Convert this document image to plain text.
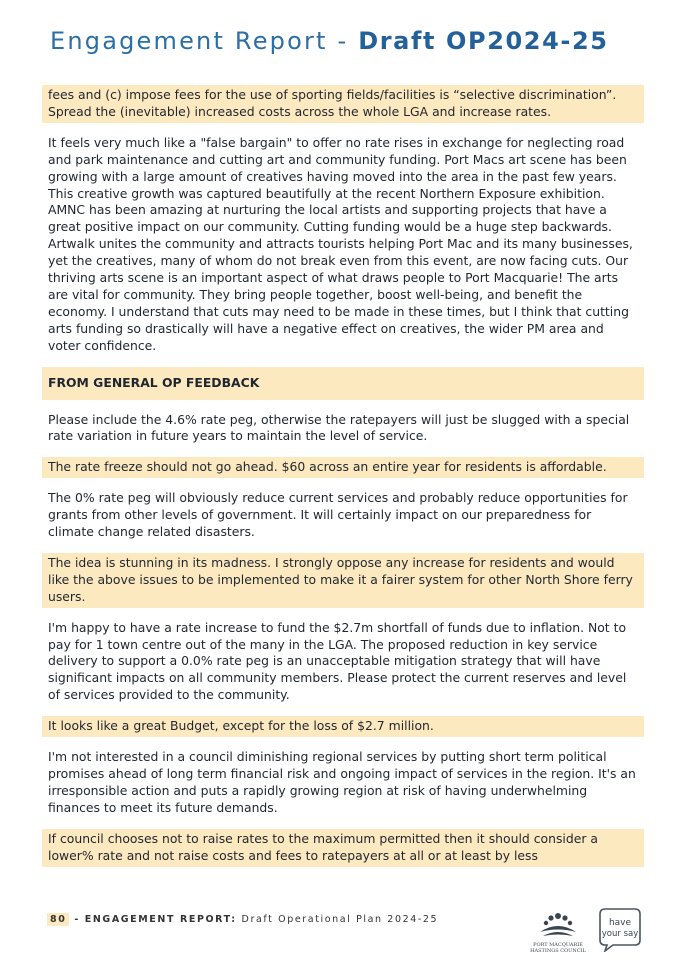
Engagement Report - Draft OP2024-25
fees and (c) impose fees for the use of sporting fields/facilities is “selective discrimination”. Spread the (inevitable) increased costs across the whole LGA and increase rates.
It feels very much like a "false bargain" to offer no rate rises in exchange for neglecting road and park maintenance and cutting art and community funding. Port Macs art scene has been growing with a large amount of creatives having moved into the area in the past few years. This creative growth was captured beautifully at the recent Northern Exposure exhibition. AMNC has been amazing at nurturing the local artists and supporting projects that have a great positive impact on our community. Cutting funding would be a huge step backwards. Artwalk unites the community and attracts tourists helping Port Mac and its many businesses, yet the creatives, many of whom do not break even from this event, are now facing cuts. Our thriving arts scene is an important aspect of what draws people to Port Macquarie! The arts are vital for community. They bring people together, boost well-being, and benefit the economy. I understand that cuts may need to be made in these times, but I think that cutting arts funding so drastically will have a negative effect on creatives, the wider PM area and voter confidence.
FROM GENERAL OP FEEDBACK
Please include the 4.6% rate peg, otherwise the ratepayers will just be slugged with a special rate variation in future years to maintain the level of service.
The rate freeze should not go ahead. $60 across an entire year for residents is affordable.
The 0% rate peg will obviously reduce current services and probably reduce opportunities for grants from other levels of government. It will certainly impact on our preparedness for climate change related disasters.
The idea is stunning in its madness. I strongly oppose any increase for residents and would like the above issues to be implemented to make it a fairer system for other North Shore ferry users.
I'm happy to have a rate increase to fund the $2.7m shortfall of funds due to inflation. Not to pay for 1 town centre out of the many in the LGA. The proposed reduction in key service delivery to support a 0.0% rate peg is an unacceptable mitigation strategy that will have significant impacts on all community members. Please protect the current reserves and level of services provided to the community.
It looks like a great Budget, except for the loss of $2.7 million.
I'm not interested in a council diminishing regional services by putting short term political promises ahead of long term financial risk and ongoing impact of services in the region. It's an irresponsible action and puts a rapidly growing region at risk of having underwhelming finances to meet its future demands.
If council chooses not to raise rates to the maximum permitted then it should consider a lower% rate and not raise costs and fees to ratepayers at all or at least by less
80 - ENGAGEMENT REPORT: Draft Operational Plan 2024-25
PORT MACQUARIE
HASTINGS COUNCIL
have
your say
